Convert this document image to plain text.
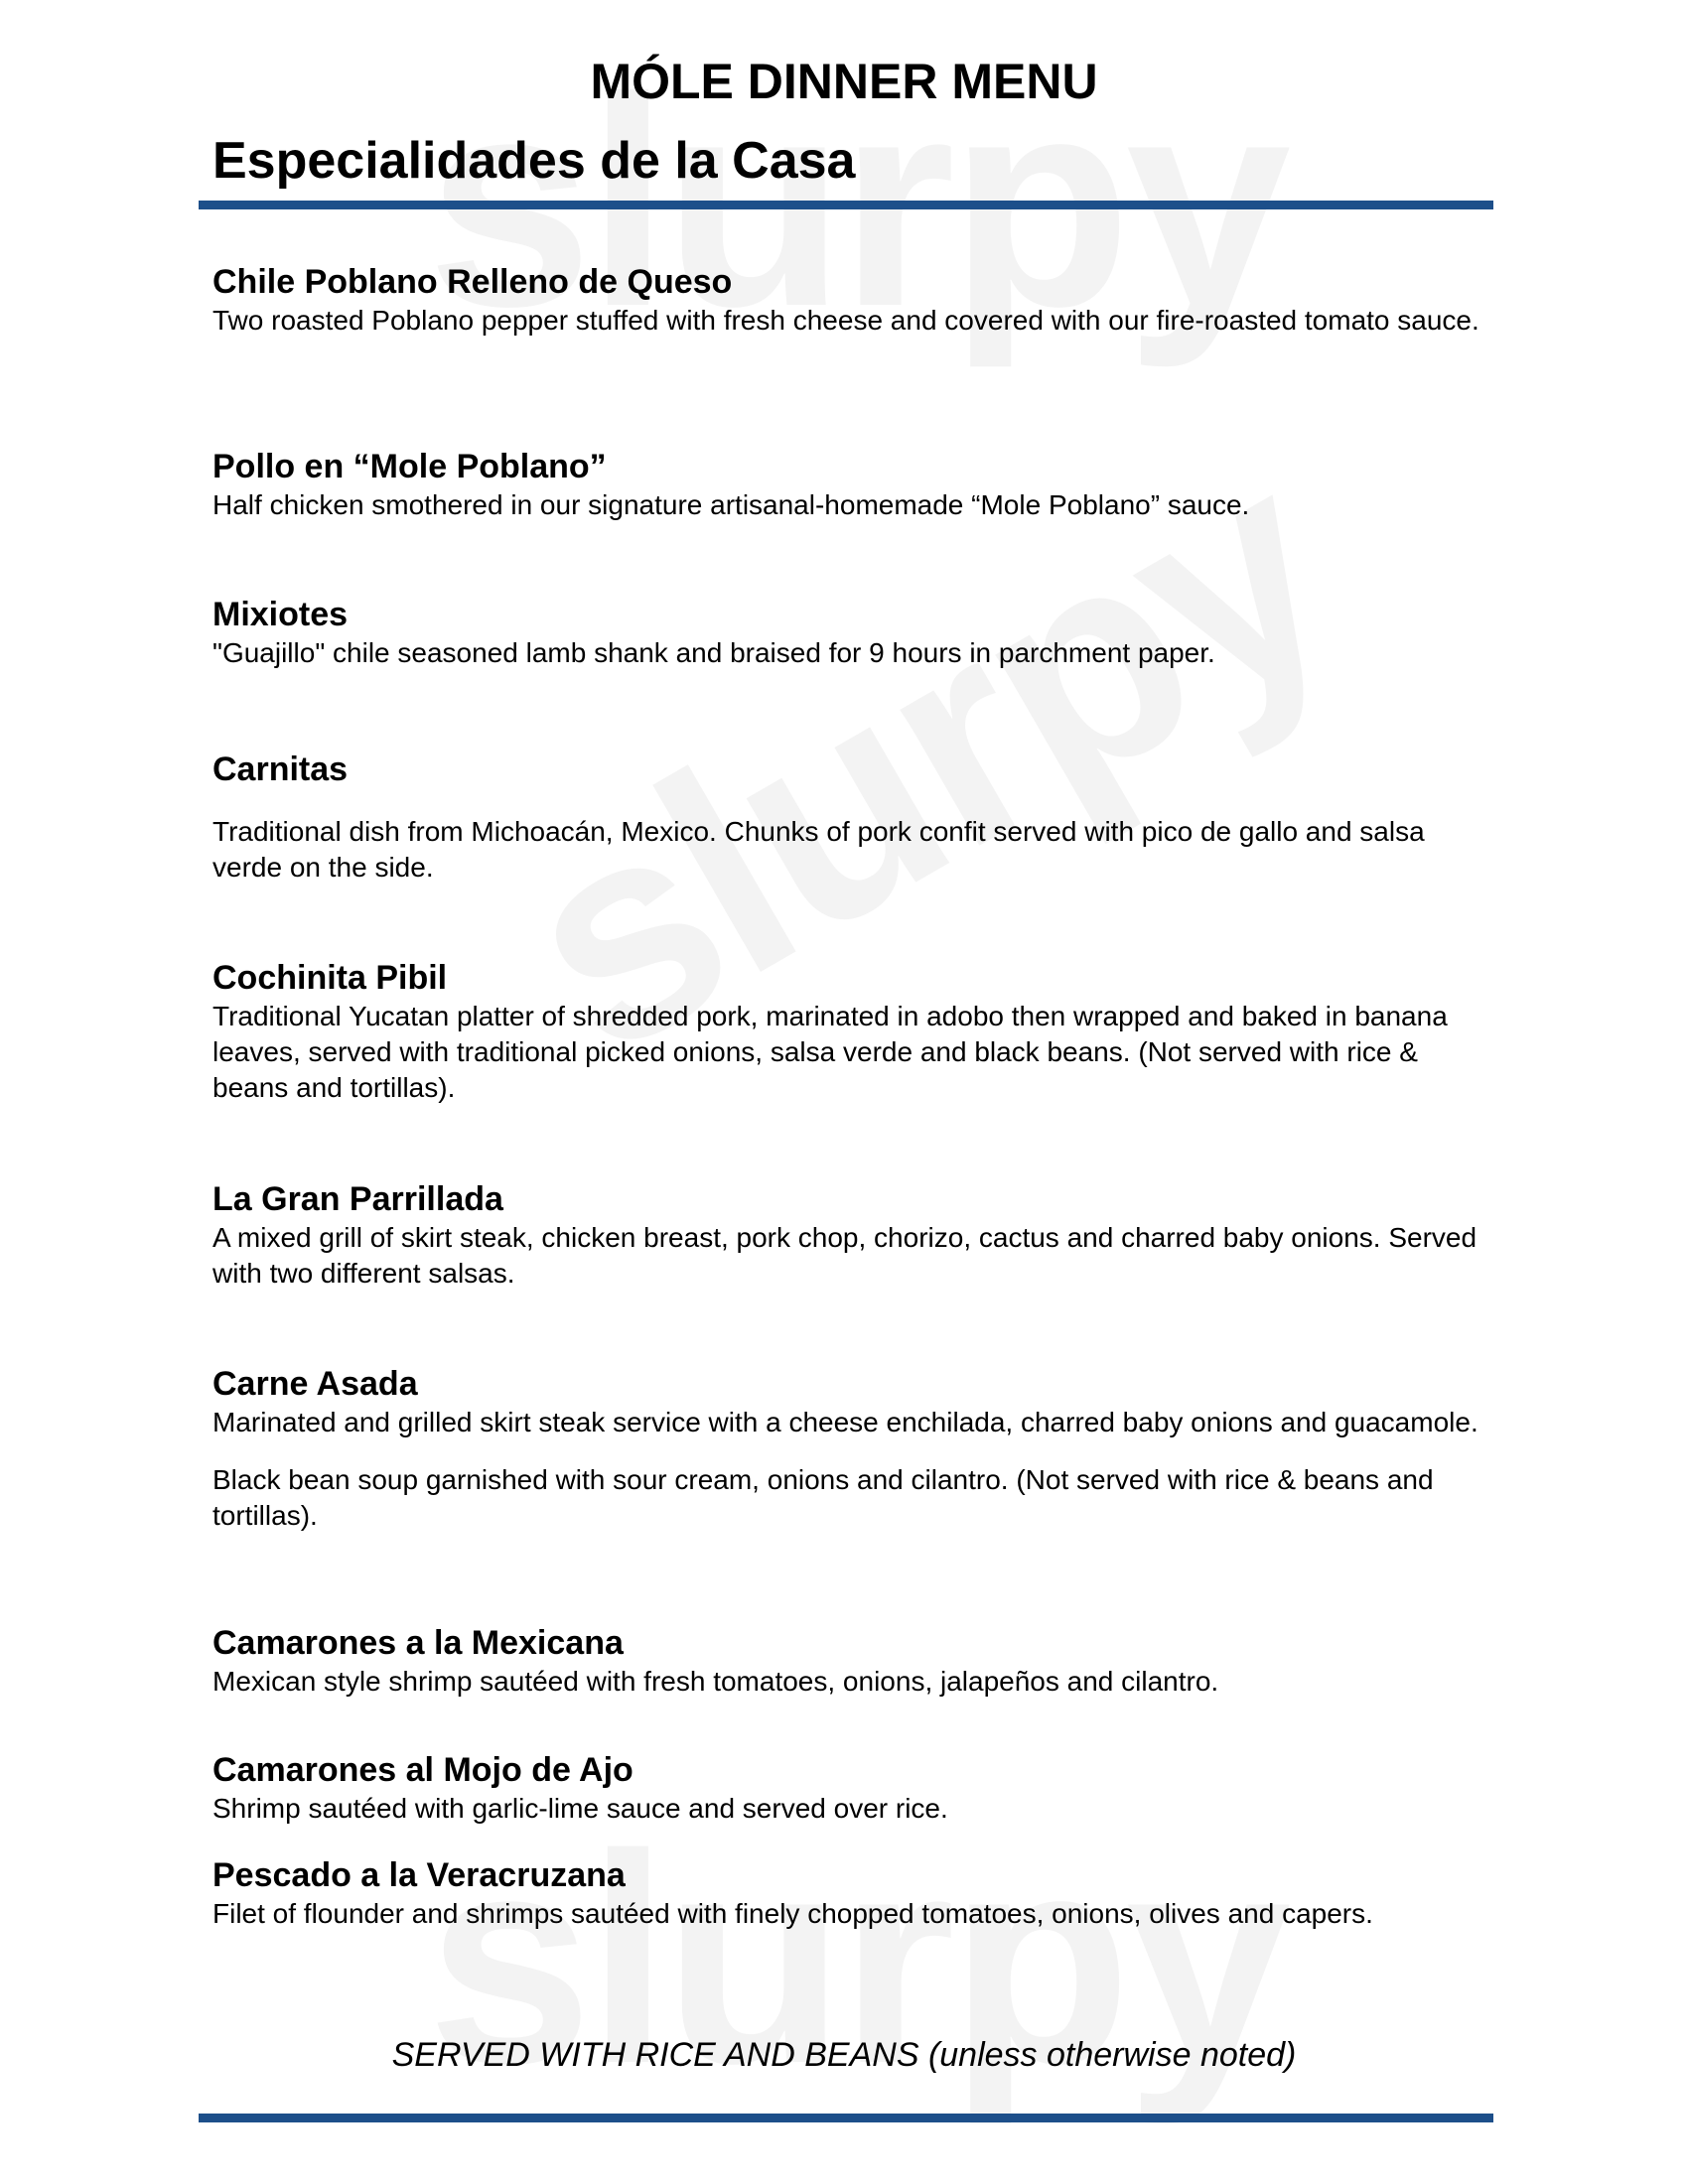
MÓLE DINNER MENU
Especialidades de la Casa

Chile Poblano Relleno de Queso

Two roasted Poblano pepper stuffed with fresh cheese and covered with our fire-roasted tomato sauce.

Pollo en “Mole Poblano”

Half chicken smothered in our signature artisanal-homemade “Mole Poblano” sauce.

Mixiotes

"Guajillo" chile seasoned lamb shank and braised for 9 hours in parchment paper.

Carnitas

Traditional dish from Michoacán, Mexico. Chunks of pork confit served with pico de gallo and salsa verde on the side.

Cochinita Pibil

Traditional Yucatan platter of shredded pork, marinated in adobo then wrapped and baked in banana leaves, served with traditional picked onions, salsa verde and black beans. (Not served with rice & beans and tortillas).

La Gran Parrillada

A mixed grill of skirt steak, chicken breast, pork chop, chorizo, cactus and charred baby onions. Served with two different salsas.

Carne Asada

Marinated and grilled skirt steak service with a cheese enchilada, charred baby onions and guacamole.

Black bean soup garnished with sour cream, onions and cilantro. (Not served with rice & beans and tortillas).

Camarones a la Mexicana

Mexican style shrimp sautéed with fresh tomatoes, onions, jalapeños and cilantro.

Camarones al Mojo de Ajo

Shrimp sautéed with garlic-lime sauce and served over rice.

Pescado a la Veracruzana

Filet of flounder and shrimps sautéed with finely chopped tomatoes, onions, olives and capers.

SERVED WITH RICE AND BEANS (unless otherwise noted)
